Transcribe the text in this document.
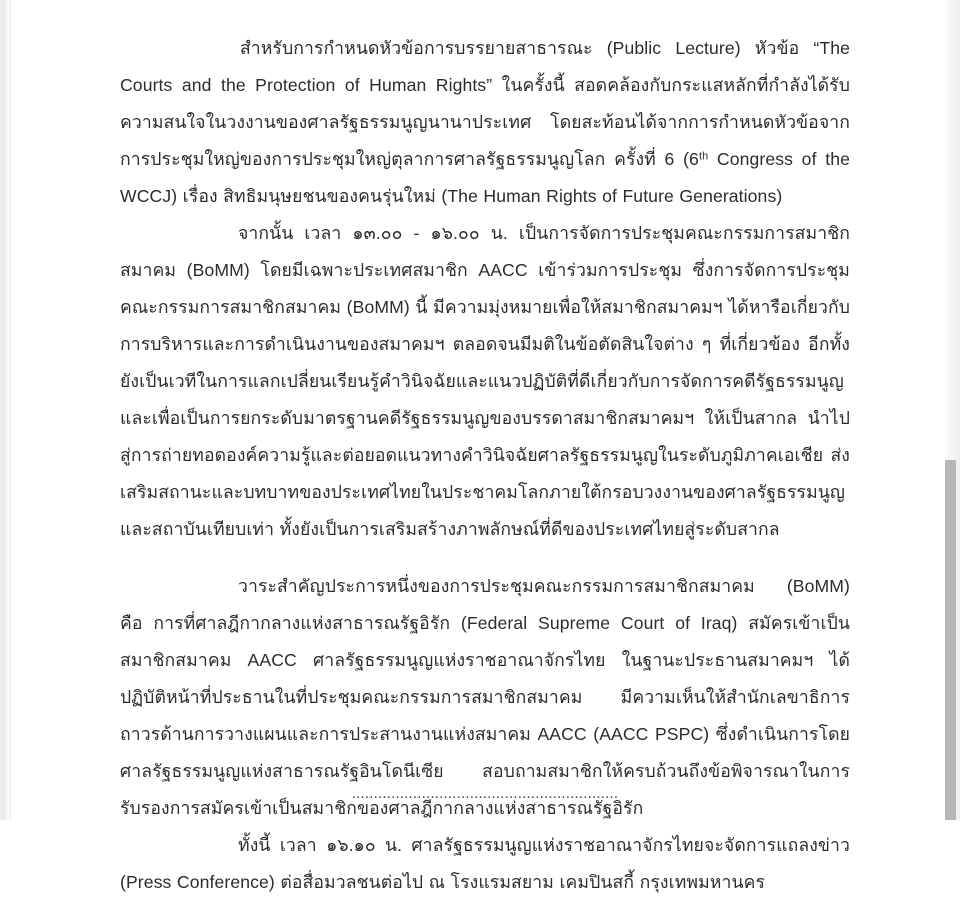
สำหรับการกำหนดหัวข้อการบรรยายสาธารณะ (Public Lecture) หัวข้อ “The Courts and the Protection of Human Rights” ในครั้งนี้ สอดคล้องกับกระแสหลักที่กำลังได้รับความสนใจในวงงานของศาลรัฐธรรมนูญนานาประเทศ โดยสะท้อนได้จากการกำหนดหัวข้อจากการประชุมใหญ่ของการประชุมใหญ่ตุลาการศาลรัฐธรรมนูญโลก ครั้งที่ 6 (6th Congress of the WCCJ) เรื่อง สิทธิมนุษยชนของคนรุ่นใหม่ (The Human Rights of Future Generations)

จากนั้น เวลา ๑๓.๐๐ - ๑๖.๐๐ น. เป็นการจัดการประชุมคณะกรรมการสมาชิกสมาคม (BoMM) โดยมีเฉพาะประเทศสมาชิก AACC เข้าร่วมการประชุม ซึ่งการจัดการประชุมคณะกรรมการสมาชิกสมาคม (BoMM) นี้ มีความมุ่งหมายเพื่อให้สมาชิกสมาคมฯ ได้หารือเกี่ยวกับการบริหารและการดำเนินงานของสมาคมฯ ตลอดจนมีมติในข้อตัดสินใจต่าง ๆ ที่เกี่ยวข้อง อีกทั้งยังเป็นเวทีในการแลกเปลี่ยนเรียนรู้คำวินิจฉัยและแนวปฏิบัติที่ดีเกี่ยวกับการจัดการคดีรัฐธรรมนูญ และเพื่อเป็นการยกระดับมาตรฐานคดีรัฐธรรมนูญของบรรดาสมาชิกสมาคมฯ ให้เป็นสากล นำไปสู่การถ่ายทอดองค์ความรู้และต่อยอดแนวทางคำวินิจฉัยศาลรัฐธรรมนูญในระดับภูมิภาคเอเชีย ส่งเสริมสถานะและบทบาทของประเทศไทยในประชาคมโลกภายใต้กรอบวงงานของศาลรัฐธรรมนูญและสถาบันเทียบเท่า ทั้งยังเป็นการเสริมสร้างภาพลักษณ์ที่ดีของประเทศไทยสู่ระดับสากล

วาระสำคัญประการหนึ่งของการประชุมคณะกรรมการสมาชิกสมาคม (BoMM) คือ การที่ศาลฎีกากลางแห่งสาธารณรัฐอิรัก (Federal Supreme Court of Iraq) สมัครเข้าเป็นสมาชิกสมาคม AACC ศาลรัฐธรรมนูญแห่งราชอาณาจักรไทย ในฐานะประธานสมาคมฯ ได้ปฏิบัติหน้าที่ประธานในที่ประชุมคณะกรรมการสมาชิกสมาคม มีความเห็นให้สำนักเลขาธิการถาวรด้านการวางแผนและการประสานงานแห่งสมาคม AACC (AACC PSPC) ซึ่งดำเนินการโดยศาลรัฐธรรมนูญแห่งสาธารณรัฐอินโดนีเซีย สอบถามสมาชิกให้ครบถ้วนถึงข้อพิจารณาในการรับรองการสมัครเข้าเป็นสมาชิกของศาลฎีกากลางแห่งสาธารณรัฐอิรัก

ทั้งนี้ เวลา ๑๖.๑๐ น. ศาลรัฐธรรมนูญแห่งราชอาณาจักรไทยจะจัดการแถลงข่าว (Press Conference) ต่อสื่อมวลชนต่อไป ณ โรงแรมสยาม เคมปินสกี้ กรุงเทพมหานคร

.............................................................
